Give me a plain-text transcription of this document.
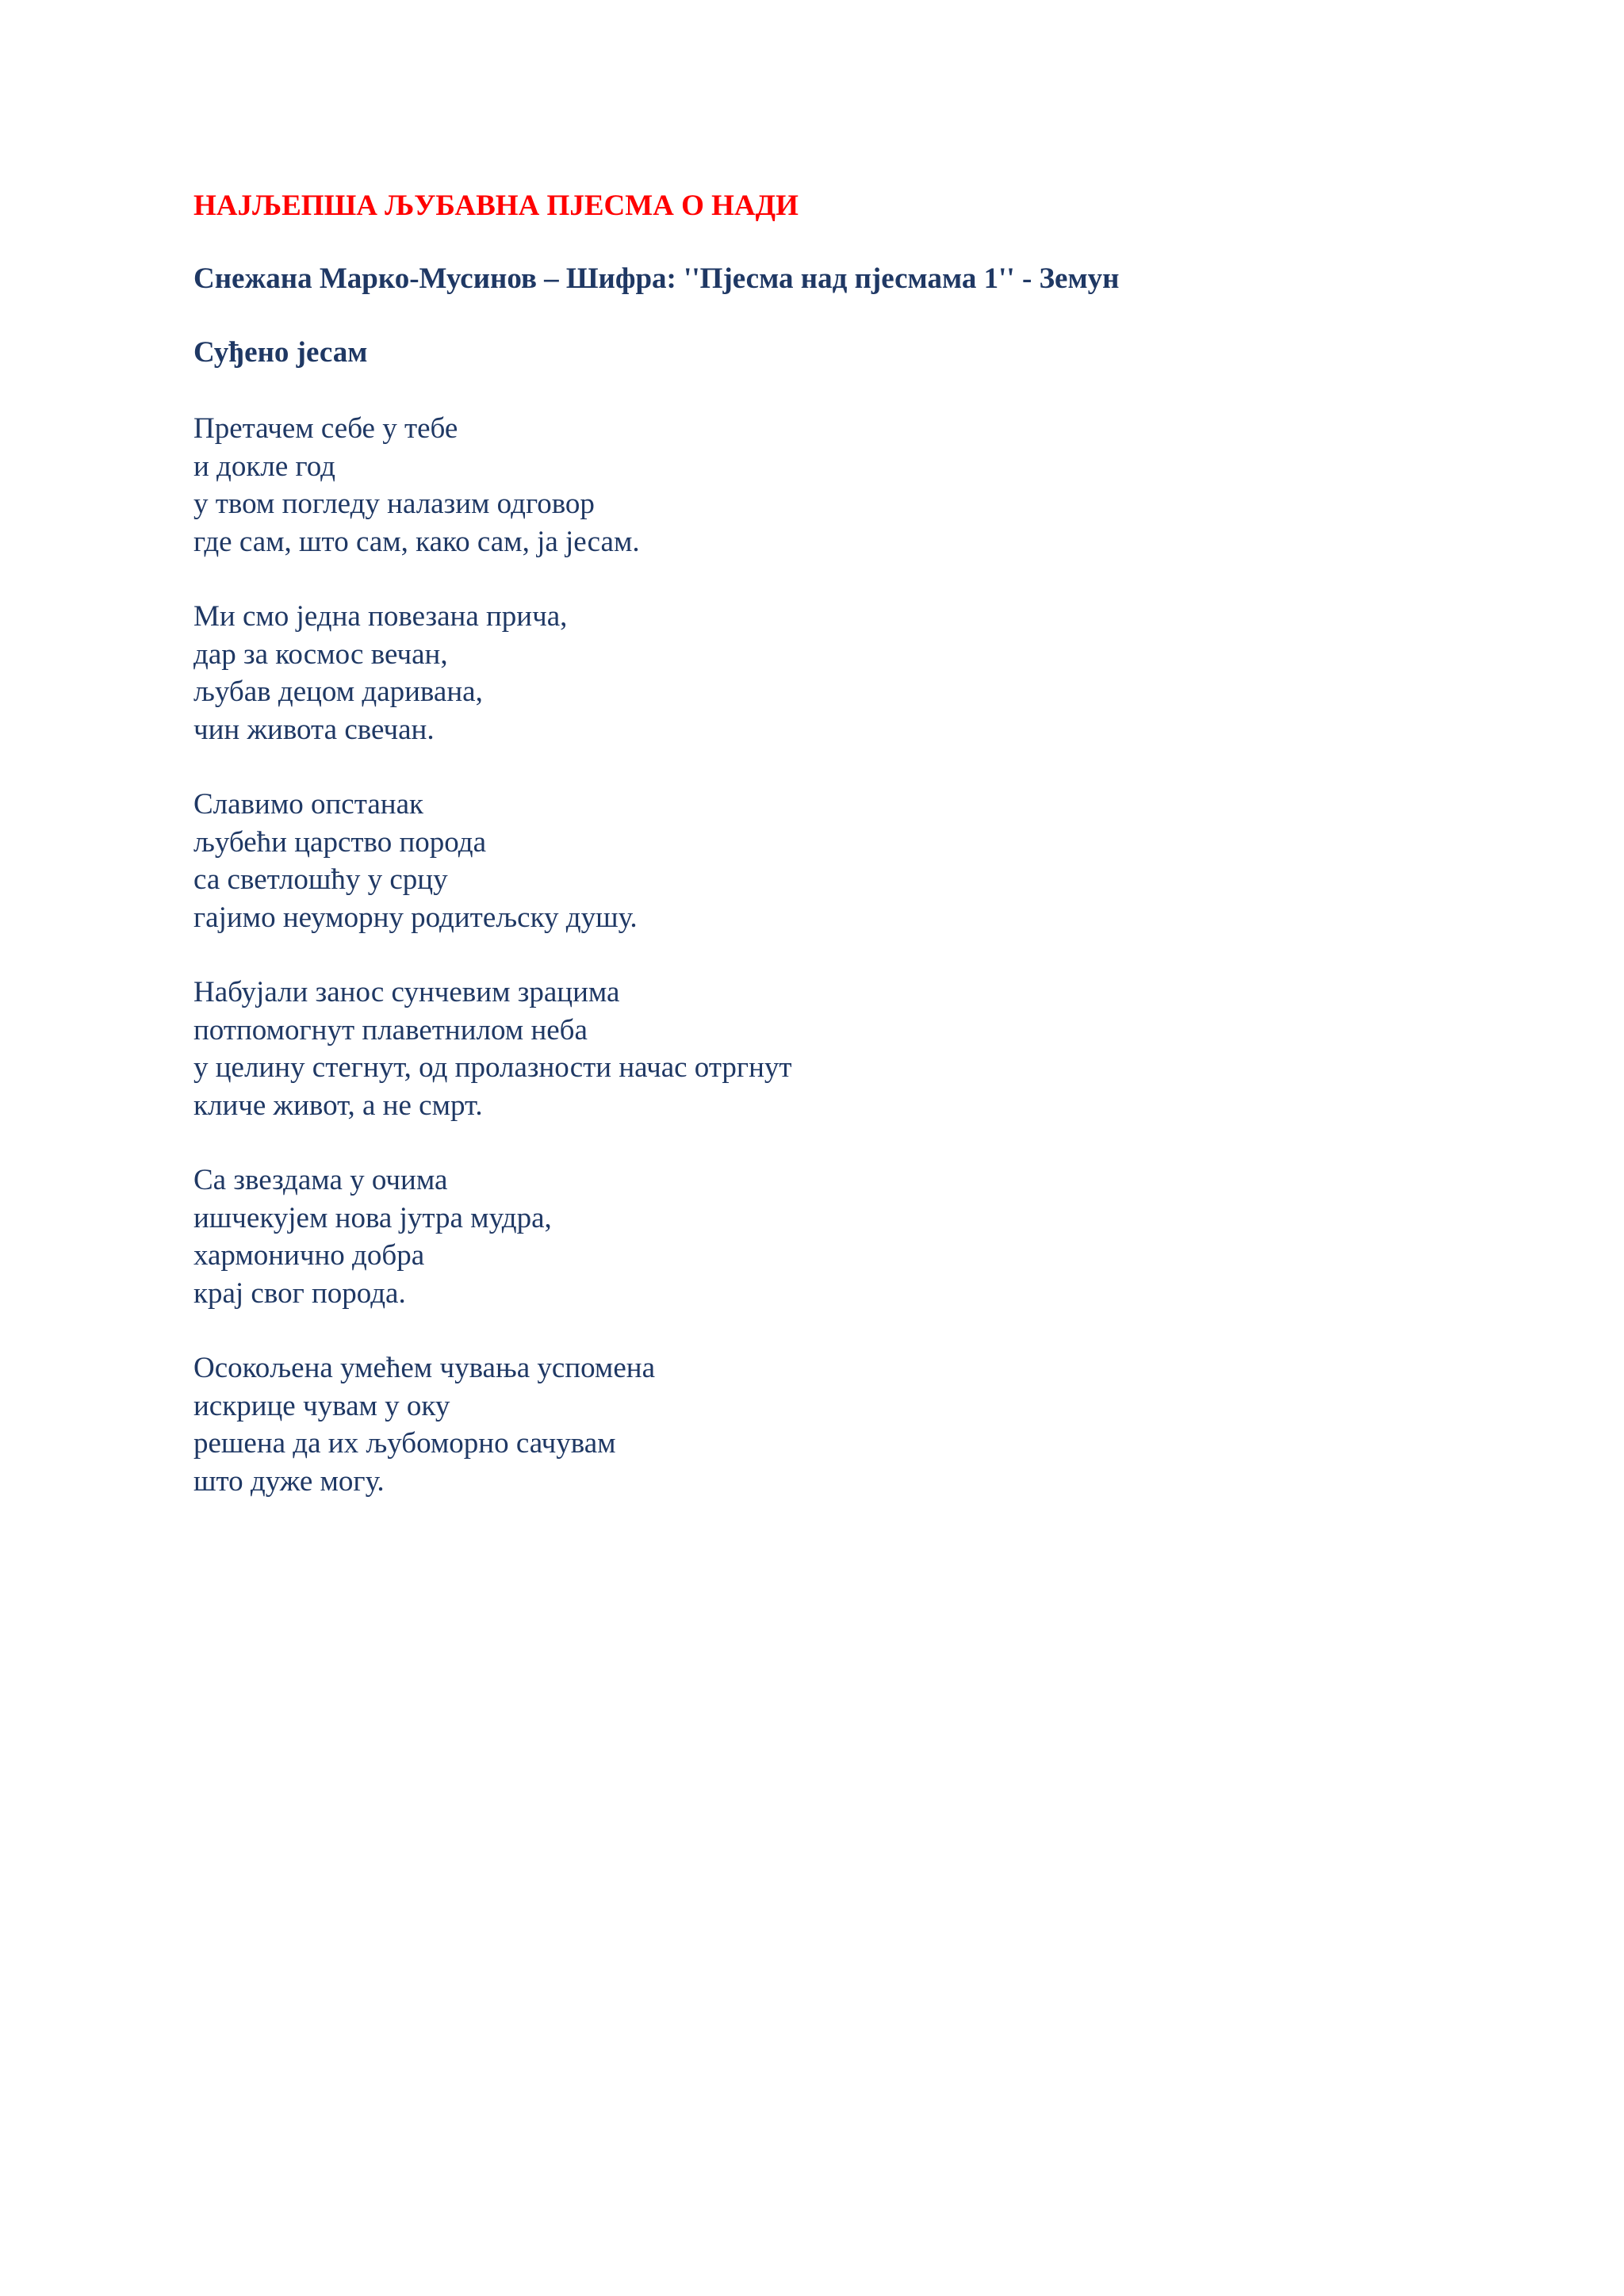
НАЈЉЕПША ЉУБАВНА ПЈЕСМА О НАДИ

Снежана Марко-Мусинов – Шифра: ''Пјесма над пјесмама 1'' - Земун

Суђено јесам

Претачем себе у тебе
и докле год
у твом погледу налазим одговор
где сам, што сам, како сам, ја јесам.
Ми смо једна повезана прича,
дар за космос вечан,
љубав децом даривана,
чин живота свечан.
Славимо опстанак
љубећи царство порода
са светлошћу у срцу
гајимо неуморну родитељску душу.
Набујали занос сунчевим зрацима
потпомогнут плаветнилом неба
у целину стегнут, од пролазности начас отргнут
кличе живот, а не смрт.
Са звездама у очима
ишчекујем нова јутра мудра,
хармонично добра
крај свог порода.
Осокољена умећем чувања успомена
искрице чувам у оку
решена да их љубоморно сачувам
што дуже могу.
